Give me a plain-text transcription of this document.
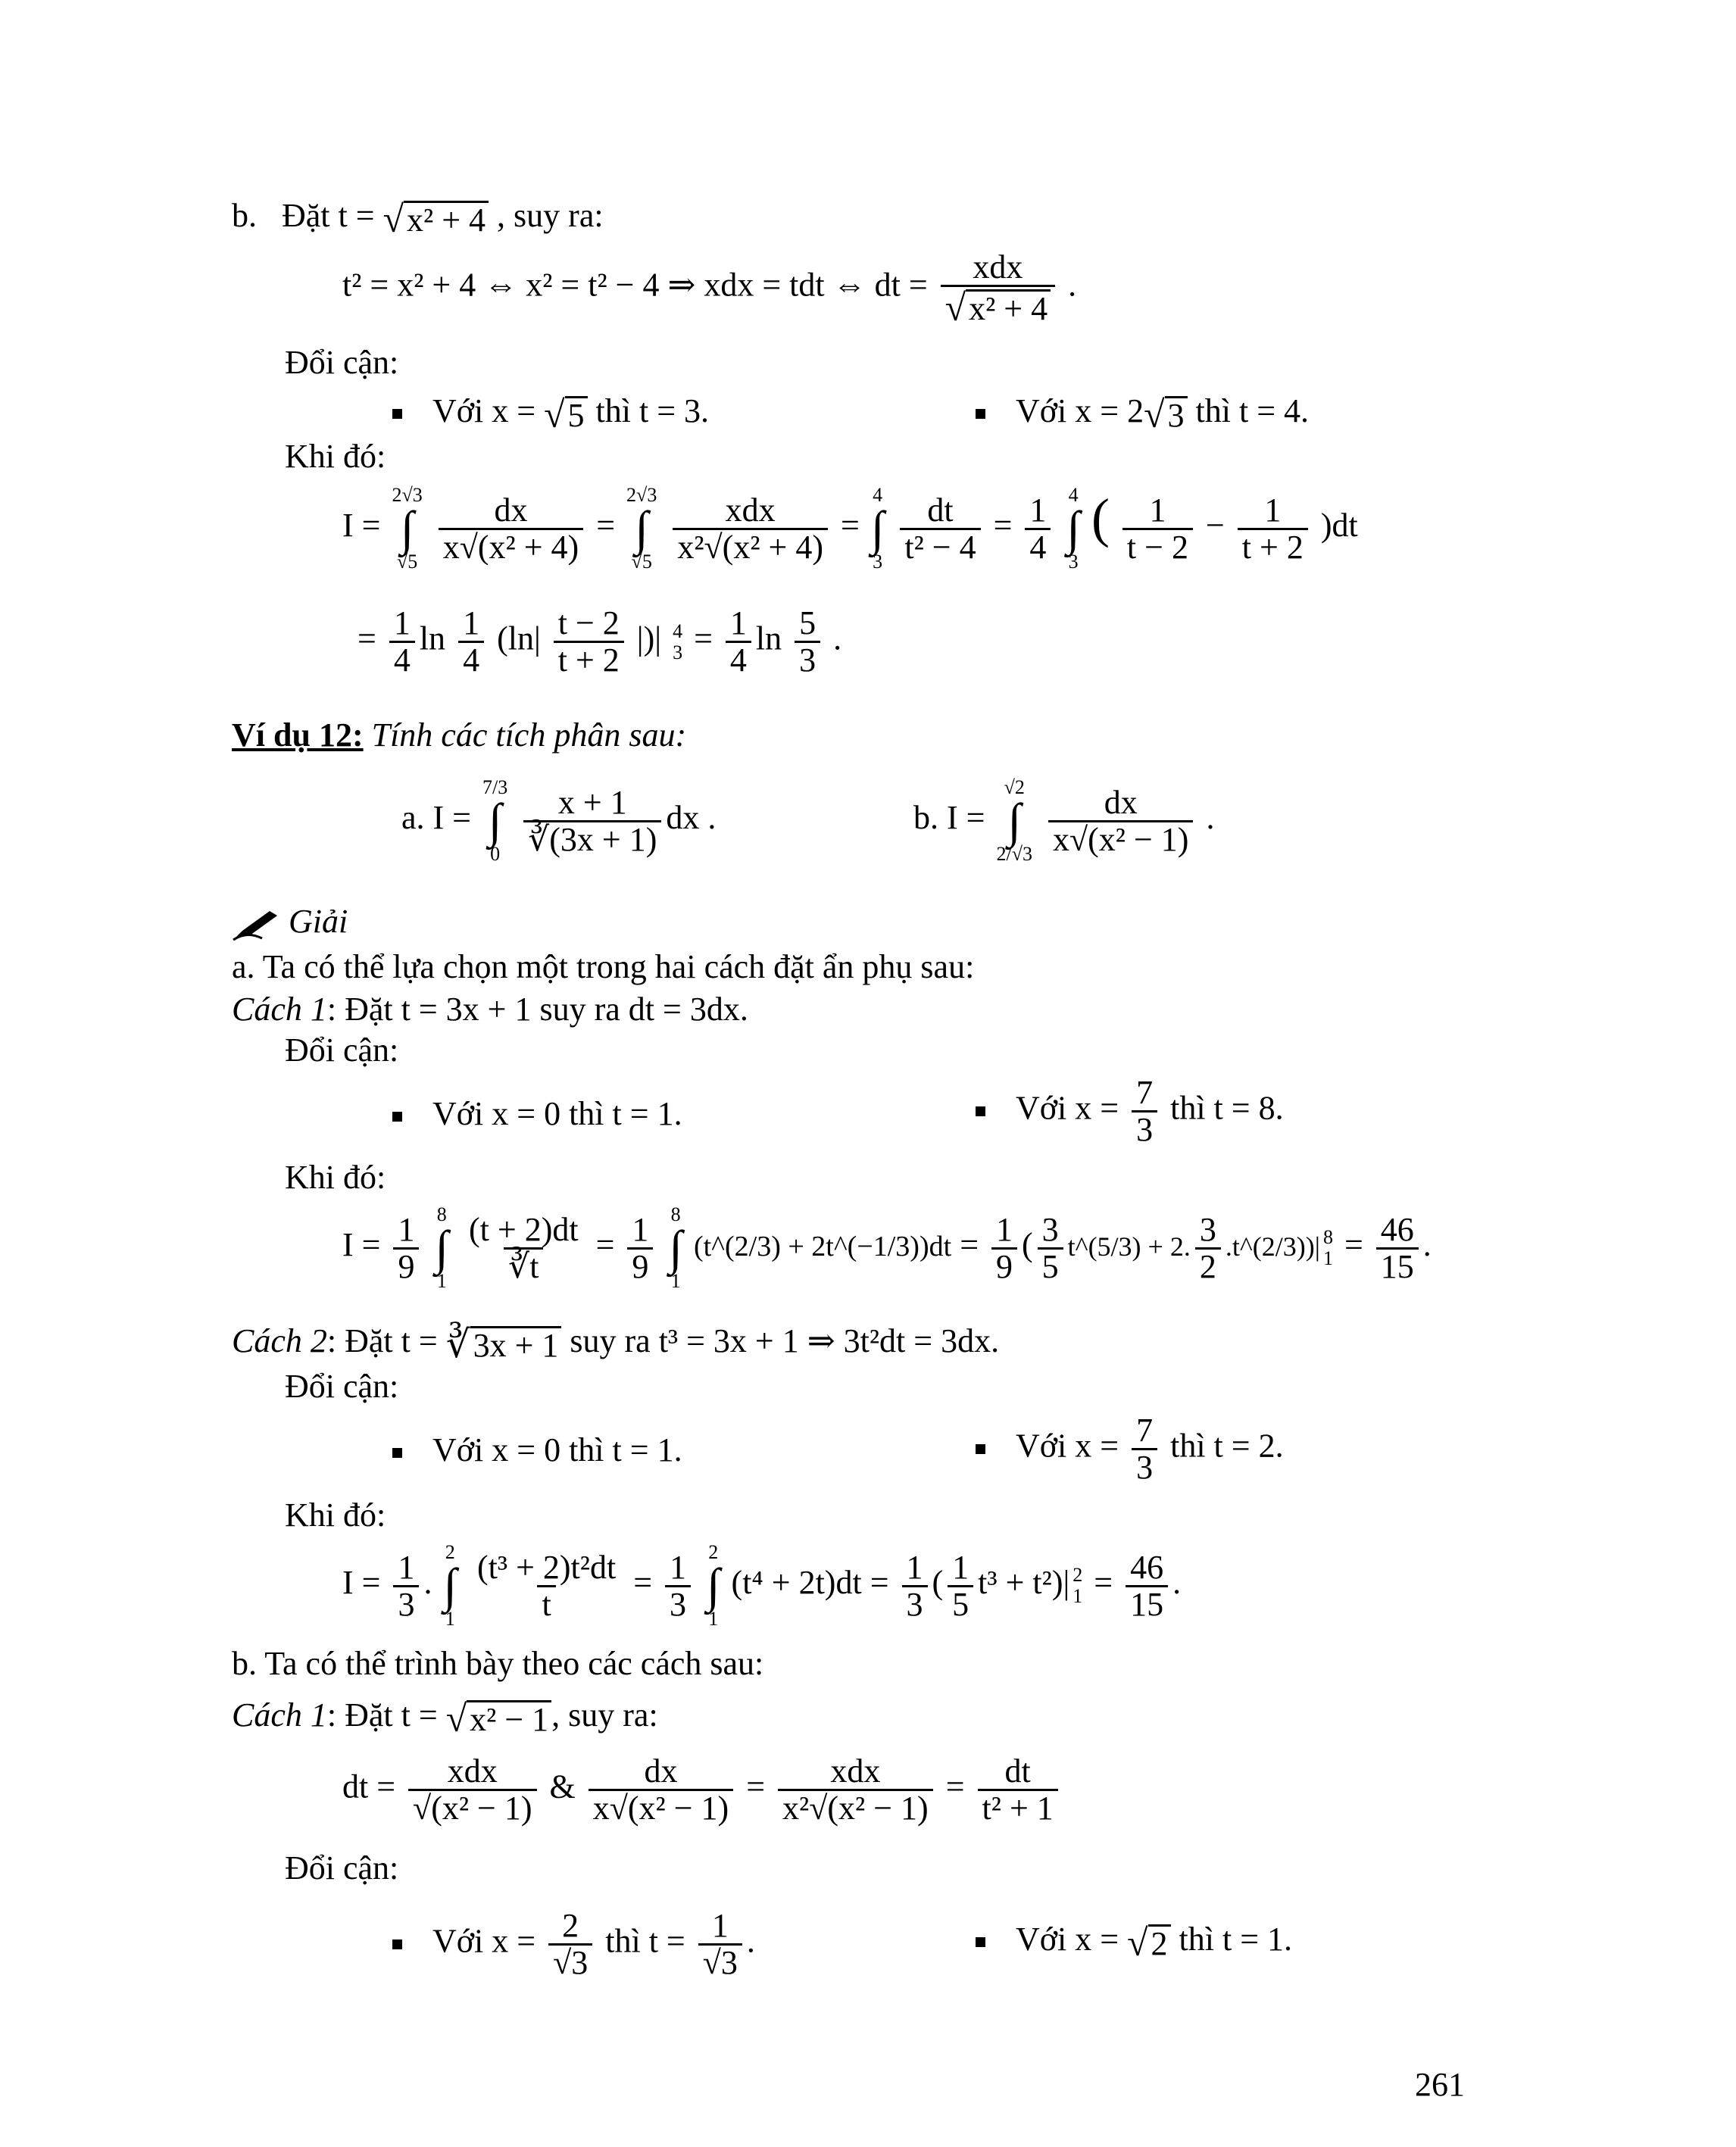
b. Đặt t = √ x² + 4 , suy ra:
t² = x² + 4 ⇔ x² = t² − 4 ⇒ xdx = tdt ⇔ dt = $\frac{\text{xdx}}{\text{√ x² + 4}}$ .
Đổi cận:
Với x = √ 5 thì t = 3.	Với x = 2 √ 3 thì t = 4.
Khi đó:
I =
2√3
∫
√5
$\frac{dx}{\text{x√(x² + 4)}}$ =
2√3
∫
√5
$\frac{\text{xdx}}{\text{x²√(x² + 4)}}$ =
4
∫
3
$\frac{dt}{\text{t² − 4}} = \frac{1}{4}$
4
∫
3
( $\frac{1}{t - 2} - \frac{1}{t + 2} )dt$
= $\frac{1}{4}$ $\ln \frac{1}{4} (\ln| \frac{t - 2}{t + 2}$ |)| 4
$3 = \frac{1}{4}$ $\ln \frac{5}{3}$ .
Ví dụ 12: Tính các tích phân sau:
a. I =
7/3
∫
0
$\frac{x + 1}{∛(3x + 1)}$ dx .	b. I =
√2
∫
2/√3
$\frac{dx}{\text{x√(x² − 1)}}$ .
Giải
a. Ta có thể lựa chọn một trong hai cách đặt ẩn phụ sau:
Cách 1: Đặt t = 3x + 1 suy ra dt = 3dx.
Đổi cận:
Với x = 0 thì t = 1.	Với $x = \frac{7}{3}$ thì t = 8.
Khi đó:
$I = \frac{1}{9}$
8
∫
1
$\frac{(t + 2)dt}{∛t} = \frac{1}{9}$
8
∫
1
(t^(2/3) + 2t^(−1/3))dt = $\frac{1}{9}$ ( $\frac{3}{5}$ t^(5/3) + 2. $\frac{3}{2}$ .t^(2/3))| 8
$1 = \frac{46}{15}$ .
Cách 2: Đặt t = ∛ 3x + 1 suy ra t³ = 3x + 1 ⇒ 3t²dt = 3dx.
Đổi cận:
Với x = 0 thì t = 1.	Với $x = \frac{7}{3}$ thì t = 2.
Khi đó:
$I = \frac{1}{3}$ .
2
∫
1
$\frac{\text{(t³ + 2)t²dt}}{t} = \frac{1}{3}$
2
∫
1
$(t^4 + 2t)dt = \frac{1}{3}$ ( $\frac{1}{5} t^3 + t^2)|$ 2
$1 = \frac{46}{15}$ .
b. Ta có thể trình bày theo các cách sau:
Cách 1: Đặt t = √ x² − 1 , suy ra:
dt = $\frac{\text{xdx}}{\text{√(x² − 1)}}$ & $\frac{dx}{\text{x√(x² − 1)}} = \frac{\text{xdx}}{\text{x²√(x² − 1)}} = \frac{dt}{\text{t² + 1}}$
Đổi cận:
Với $x = \frac{2}{√3}$ thì $t = \frac{1}{√3}$ .	Với x = √ 2 thì t = 1.
261
